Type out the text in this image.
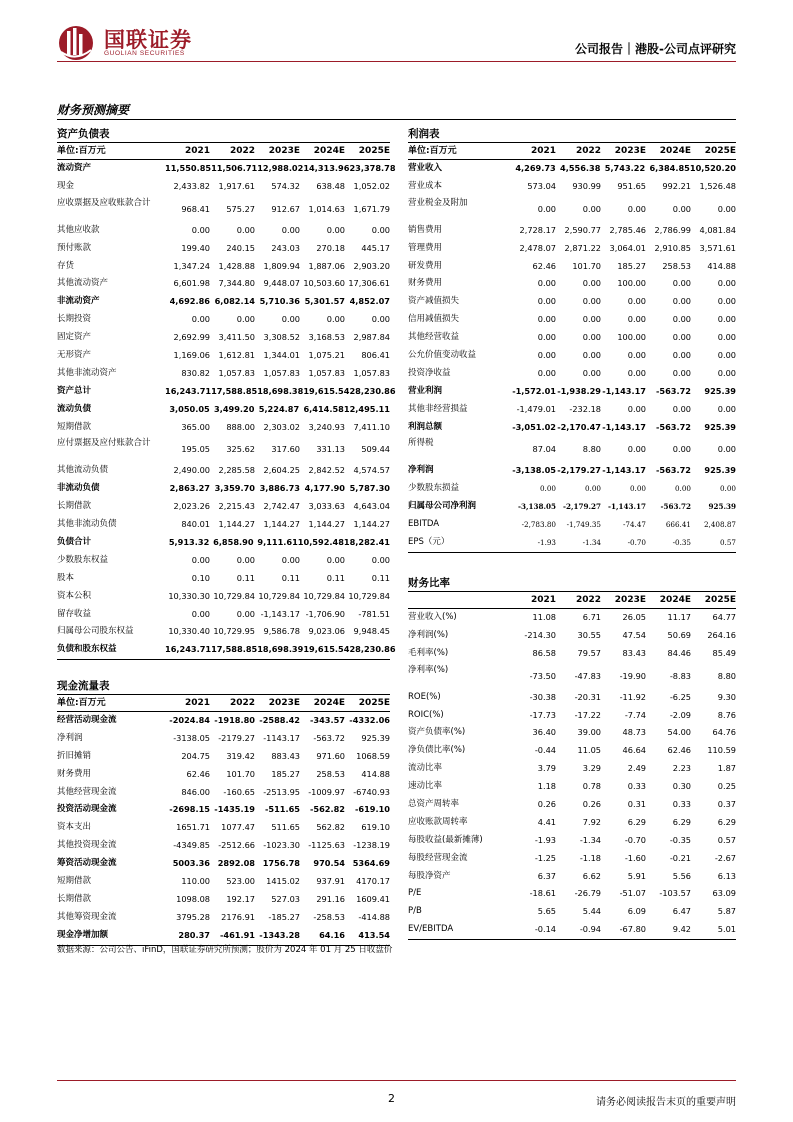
国联证券
GUOLIAN SECURITIES	公司报告｜港股-公司点评研究
财务预测摘要
资产负债表
单位:百万元	2021	2022	2023E	2024E	2025E
流动资产	11,550.85 11,506.71 12,988.02 14,313.96 23,378.78
现金	2,433.82	1,917.61	574.32	638.48	1,052.02
应收票据及应收账款合计
968.41	575.27	912.67	1,014.63	1,671.79
其他应收款	0.00	0.00	0.00	0.00	0.00
预付账款	199.40	240.15	243.03	270.18	445.17
存货	1,347.24	1,428.88	1,809.94	1,887.06	2,903.20
其他流动资产	6,601.98	7,344.80	9,448.07 10,503.60 17,306.61
非流动资产	4,692.86 6,082.14 5,710.36 5,301.57 4,852.07
长期投资	0.00	0.00	0.00	0.00	0.00
固定资产	2,692.99	3,411.50	3,308.52	3,168.53	2,987.84
无形资产	1,169.06	1,612.81	1,344.01	1,075.21	806.41
其他非流动资产	830.82	1,057.83	1,057.83	1,057.83	1,057.83
资产总计	16,243.71 17,588.85 18,698.38 19,615.54 28,230.86
流动负债	3,050.05 3,499.20 5,224.87 6,414.58 12,495.11
短期借款	365.00	888.00	2,303.02	3,240.93	7,411.10
应付票据及应付账款合计
195.05	325.62	317.60	331.13	509.44
其他流动负债	2,490.00	2,285.58	2,604.25	2,842.52	4,574.57
非流动负债	2,863.27 3,359.70 3,886.73 4,177.90 5,787.30
长期借款	2,023.26	2,215.43	2,742.47	3,033.63	4,643.04
其他非流动负债	840.01	1,144.27	1,144.27	1,144.27	1,144.27
负债合计	5,913.32 6,858.90 9,111.61 10,592.48 18,282.41
少数股东权益	0.00	0.00	0.00	0.00	0.00
股本	0.10	0.11	0.11	0.11	0.11
资本公积	10,330.30 10,729.84 10,729.84 10,729.84 10,729.84
留存收益	0.00	0.00 -1,143.17 -1,706.90	-781.51
归属母公司股东权益	10,330.40 10,729.95	9,586.78	9,023.06	9,948.45
负债和股东权益	16,243.71 17,588.85 18,698.39 19,615.54 28,230.86
利润表
单位:百万元	2021	2022	2023E	2024E	2025E
营业收入	4,269.73 4,556.38 5,743.22 6,384.85 10,520.20
营业成本	573.04	930.99	951.65	992.21	1,526.48
营业税金及附加
0.00	0.00	0.00	0.00	0.00
销售费用	2,728.17	2,590.77	2,785.46	2,786.99	4,081.84
管理费用	2,478.07	2,871.22	3,064.01	2,910.85	3,571.61
研发费用	62.46	101.70	185.27	258.53	414.88
财务费用	0.00	0.00	100.00	0.00	0.00
资产减值损失	0.00	0.00	0.00	0.00	0.00
信用减值损失	0.00	0.00	0.00	0.00	0.00
其他经营收益	0.00	0.00	100.00	0.00	0.00
公允价值变动收益	0.00	0.00	0.00	0.00	0.00
投资净收益	0.00	0.00	0.00	0.00	0.00
营业利润	-1,572.01 -1,938.29 -1,143.17	-563.72	925.39
其他非经营损益	-1,479.01	-232.18	0.00	0.00	0.00
利润总额	-3,051.02 -2,170.47 -1,143.17	-563.72	925.39
所得税
87.04	8.80	0.00	0.00	0.00
净利润	-3,138.05 -2,179.27 -1,143.17	-563.72	925.39
少数股东损益	0.00	0.00	0.00	0.00	0.00
归属母公司净利润	-3,138.05 -2,179.27 -1,143.17	-563.72	925.39
EBITDA	-2,783.80	-1,749.35	-74.47	666.41	2,408.87
EPS（元）	-1.93	-1.34	-0.70	-0.35	0.57
财务比率
2021	2022	2023E	2024E	2025E
营业收入(%)	11.08	6.71	26.05	11.17	64.77
净利润(%)	-214.30	30.55	47.54	50.69	264.16
毛利率(%)	86.58	79.57	83.43	84.46	85.49
净利率(%)
-73.50	-47.83	-19.90	-8.83	8.80
ROE(%)	-30.38	-20.31	-11.92	-6.25	9.30
ROIC(%)	-17.73	-17.22	-7.74	-2.09	8.76
资产负债率(%)	36.40	39.00	48.73	54.00	64.76
净负债比率(%)	-0.44	11.05	46.64	62.46	110.59
流动比率	3.79	3.29	2.49	2.23	1.87
速动比率	1.18	0.78	0.33	0.30	0.25
总资产周转率	0.26	0.26	0.31	0.33	0.37
应收账款周转率	4.41	7.92	6.29	6.29	6.29
每股收益(最新摊薄)	-1.93	-1.34	-0.70	-0.35	0.57
每股经营现金流	-1.25	-1.18	-1.60	-0.21	-2.67
每股净资产	6.37	6.62	5.91	5.56	6.13
P/E	-18.61	-26.79	-51.07	-103.57	63.09
P/B	5.65	5.44	6.09	6.47	5.87
EV/EBITDA	-0.14	-0.94	-67.80	9.42	5.01
现金流量表
单位:百万元	2021	2022	2023E	2024E	2025E
经营活动现金流	-2024.84 -1918.80 -2588.42	-343.57 -4332.06
净利润	-3138.05 -2179.27 -1143.17	-563.72	925.39
折旧摊销	204.75	319.42	883.43	971.60	1068.59
财务费用	62.46	101.70	185.27	258.53	414.88
其他经营现金流	846.00	-160.65 -2513.95 -1009.97 -6740.93
投资活动现金流	-2698.15 -1435.19	-511.65	-562.82	-619.10
资本支出	1651.71	1077.47	511.65	562.82	619.10
其他投资现金流	-4349.85 -2512.66 -1023.30 -1125.63 -1238.19
筹资活动现金流	5003.36 2892.08 1756.78	970.54 5364.69
短期借款	110.00	523.00	1415.02	937.91	4170.17
长期借款	1098.08	192.17	527.03	291.16	1609.41
其他筹资现金流	3795.28	2176.91	-185.27	-258.53	-414.88
现金净增加额	280.37	-461.91 -1343.28	64.16	413.54
数据来源：公司公告、iFinD，国联证券研究所预测；股价为 2024 年 01 月 25 日收盘价
2	请务必阅读报告末页的重要声明
